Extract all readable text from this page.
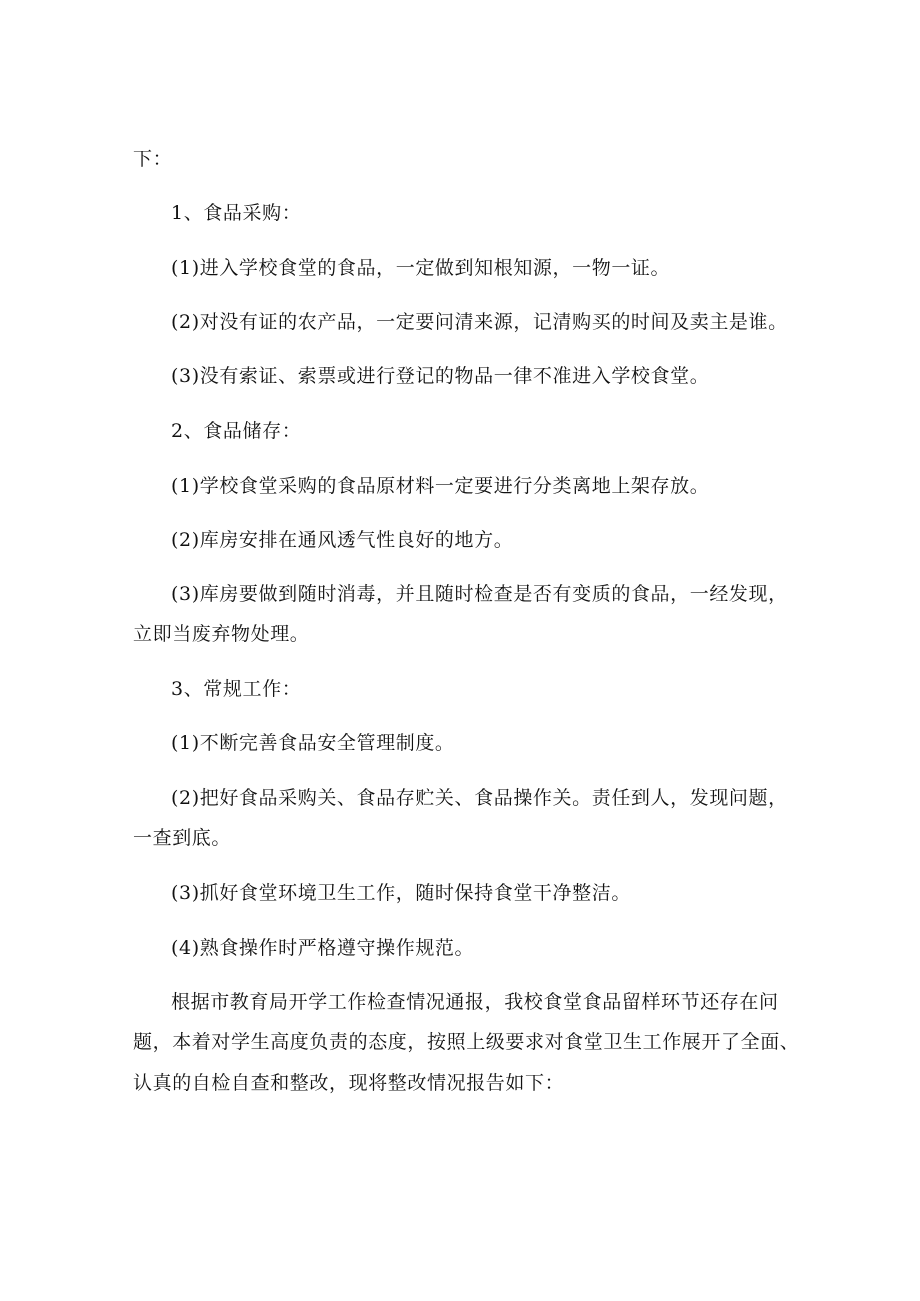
下：
1、食品采购：
(1)进入学校食堂的食品，一定做到知根知源，一物一证。
(2)对没有证的农产品，一定要问清来源，记清购买的时间及卖主是谁。
(3)没有索证、索票或进行登记的物品一律不准进入学校食堂。
2、食品储存：
(1)学校食堂采购的食品原材料一定要进行分类离地上架存放。
(2)库房安排在通风透气性良好的地方。
(3)库房要做到随时消毒，并且随时检查是否有变质的食品，一经发现，
立即当废弃物处理。
3、常规工作：
(1)不断完善食品安全管理制度。
(2)把好食品采购关、食品存贮关、食品操作关。责任到人，发现问题，
一查到底。
(3)抓好食堂环境卫生工作，随时保持食堂干净整洁。
(4)熟食操作时严格遵守操作规范。
根据市教育局开学工作检查情况通报，我校食堂食品留样环节还存在问
题，本着对学生高度负责的态度，按照上级要求对食堂卫生工作展开了全面、
认真的自检自查和整改，现将整改情况报告如下：
